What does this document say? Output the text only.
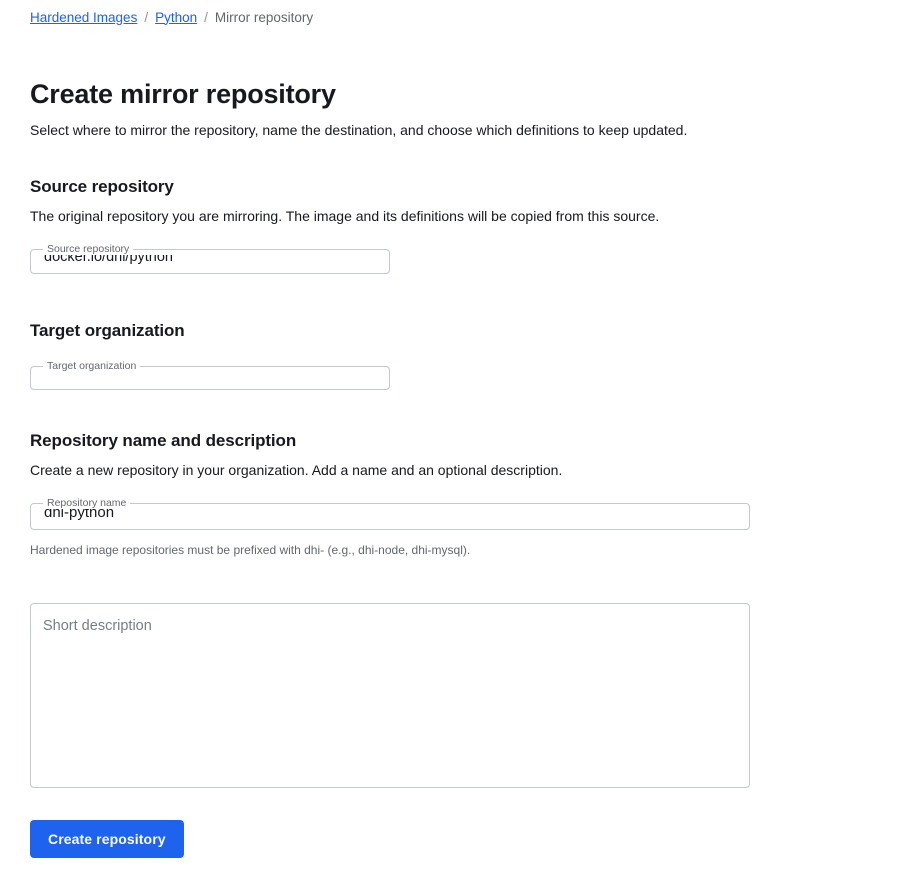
Hardened Images / Python / Mirror repository
Create mirror repository

Select where to mirror the repository, name the destination, and choose which definitions to keep updated.

Source repository

The original repository you are mirroring. The image and its definitions will be copied from this source.

Source repository
docker.io/dhi/python
Target organization
Target organization
Repository name and description

Create a new repository in your organization. Add a name and an optional description.

Repository name
dhi-python

Hardened image repositories must be prefixed with dhi- (e.g., dhi-node, dhi-mysql).

Short description
Create repository
